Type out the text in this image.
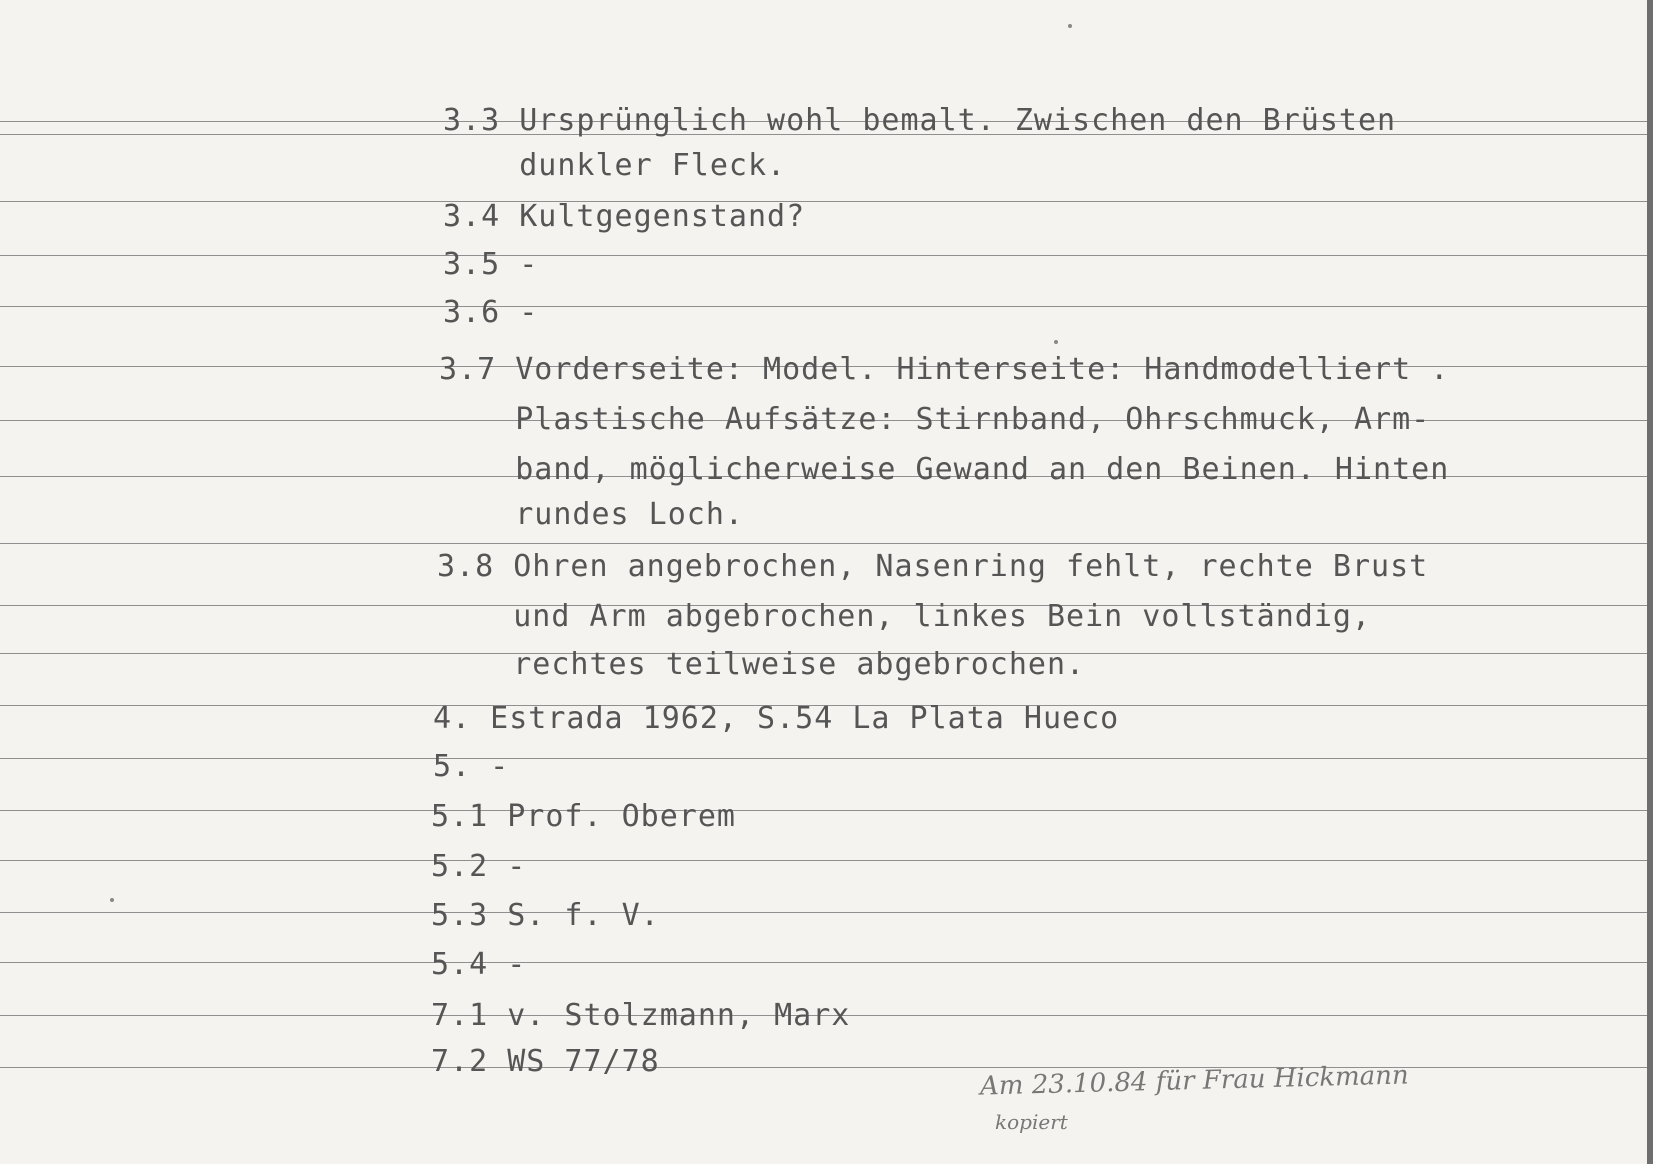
3.3 Ursprünglich wohl bemalt. Zwischen den Brüsten
dunkler Fleck.
3.4 Kultgegenstand?
3.5 -
3.6 -
3.7 Vorderseite: Model. Hinterseite: Handmodelliert .
Plastische Aufsätze: Stirnband, Ohrschmuck, Arm-
band, möglicherweise Gewand an den Beinen. Hinten
rundes Loch.
3.8 Ohren angebrochen, Nasenring fehlt, rechte Brust
und Arm abgebrochen, linkes Bein vollständig,
rechtes teilweise abgebrochen.
4. Estrada 1962, S.54 La Plata Hueco
5. -
5.1 Prof. Oberem
5.2 -
5.3 S. f. V.
5.4 -
7.1 v. Stolzmann, Marx
7.2 WS 77/78	Am 23.10.84 für Frau Hickmann
kopiert
